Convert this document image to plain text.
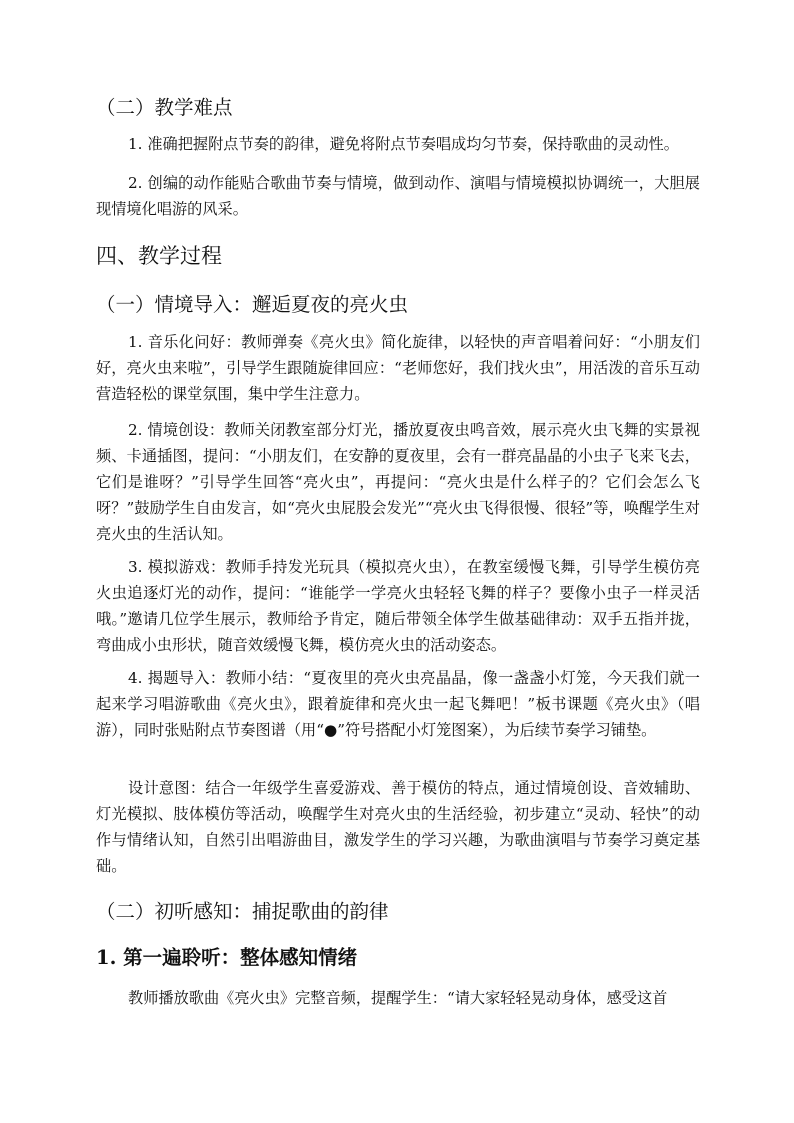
（二）教学难点

1. 准确把握附点节奏的韵律，避免将附点节奏唱成均匀节奏，保持歌曲的灵动性。

2. 创编的动作能贴合歌曲节奏与情境，做到动作、演唱与情境模拟协调统一，大胆展现情境化唱游的风采。

四、教学过程
（一）情境导入：邂逅夏夜的亮火虫

1. 音乐化问好：教师弹奏《亮火虫》简化旋律，以轻快的声音唱着问好：“小朋友们好，亮火虫来啦”，引导学生跟随旋律回应：“老师您好，我们找火虫”，用活泼的音乐互动营造轻松的课堂氛围，集中学生注意力。

2. 情境创设：教师关闭教室部分灯光，播放夏夜虫鸣音效，展示亮火虫飞舞的实景视频、卡通插图，提问：“小朋友们，在安静的夏夜里，会有一群亮晶晶的小虫子飞来飞去，它们是谁呀？”引导学生回答“亮火虫”，再提问：“亮火虫是什么样子的？它们会怎么飞呀？”鼓励学生自由发言，如“亮火虫屁股会发光”“亮火虫飞得很慢、很轻”等，唤醒学生对亮火虫的生活认知。

3. 模拟游戏：教师手持发光玩具（模拟亮火虫），在教室缓慢飞舞，引导学生模仿亮火虫追逐灯光的动作，提问：“谁能学一学亮火虫轻轻飞舞的样子？要像小虫子一样灵活哦。”邀请几位学生展示，教师给予肯定，随后带领全体学生做基础律动：双手五指并拢，弯曲成小虫形状，随音效缓慢飞舞，模仿亮火虫的活动姿态。

4. 揭题导入：教师小结：“夏夜里的亮火虫亮晶晶，像一盏盏小灯笼，今天我们就一起来学习唱游歌曲《亮火虫》，跟着旋律和亮火虫一起飞舞吧！”板书课题《亮火虫》（唱游），同时张贴附点节奏图谱（用“●”符号搭配小灯笼图案），为后续节奏学习铺垫。

设计意图：结合一年级学生喜爱游戏、善于模仿的特点，通过情境创设、音效辅助、灯光模拟、肢体模仿等活动，唤醒学生对亮火虫的生活经验，初步建立“灵动、轻快”的动作与情绪认知，自然引出唱游曲目，激发学生的学习兴趣，为歌曲演唱与节奏学习奠定基础。

（二）初听感知：捕捉歌曲的韵律
1. 第一遍聆听：整体感知情绪

教师播放歌曲《亮火虫》完整音频，提醒学生：“请大家轻轻晃动身体，感受这首
